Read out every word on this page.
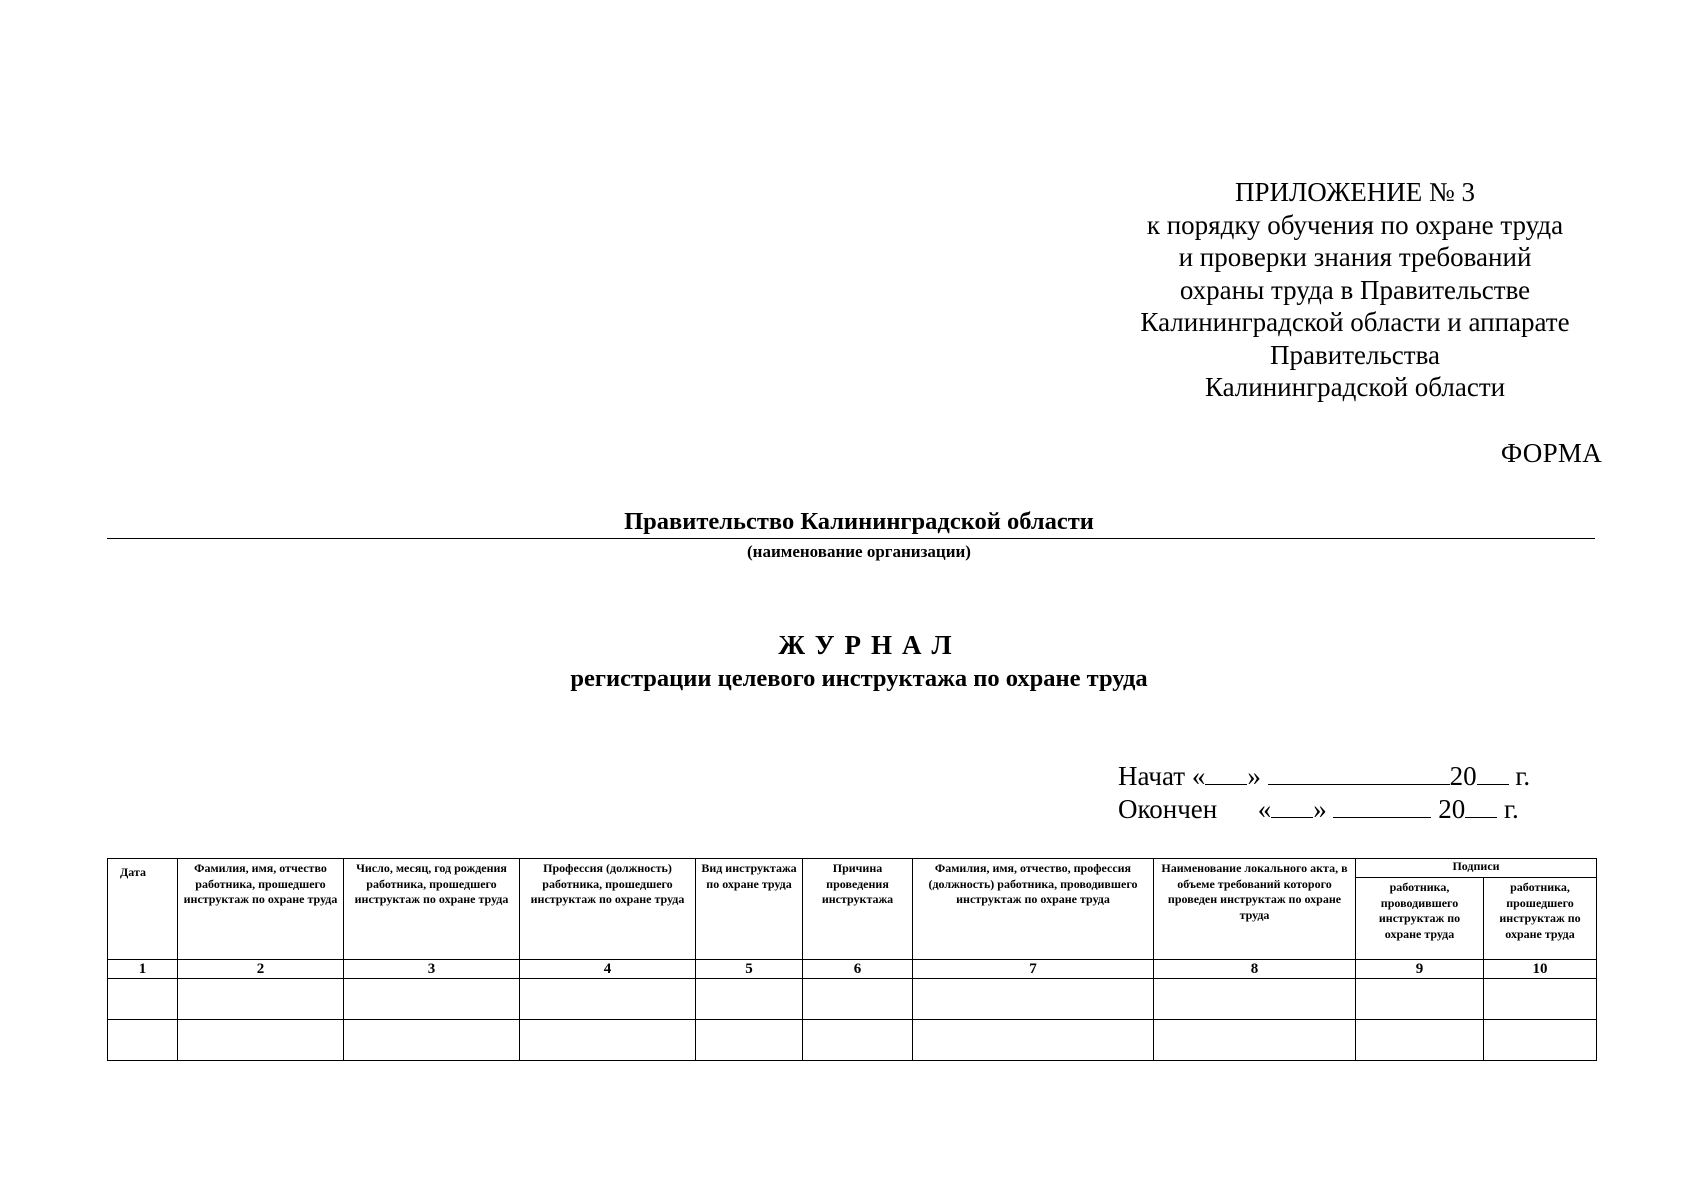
ПРИЛОЖЕНИЕ № 3
к порядку обучения по охране труда
и проверки знания требований
охраны труда в Правительстве
Калининградской области и аппарате
Правительства
Калининградской области
ФОРМА
Правительство Калининградской области
(наименование организации)
ЖУРНАЛ
регистрации целевого инструктажа по охране труда
Начат « »	20 г.
Окончен « »	20 г.
Дата	Фамилия, имя, отчество работника, прошедшего инструктаж по охране труда	Число, месяц, год рождения работника, прошедшего инструктаж по охране труда	Профессия (должность) работника, прошедшего инструктаж по охране труда	Вид инструктажа по охране труда	Причина проведения инструктажа	Фамилия, имя, отчество, профессия (должность) работника, проводившего инструктаж по охране труда	Наименование локального акта, в объеме требований которого проведен инструктаж по охране труда	Подписи	
								работника, проводившего инструктаж по охране труда	работника, прошедшего инструктаж по охране труда
1	2	3	4	5	6	7	8	9	10
